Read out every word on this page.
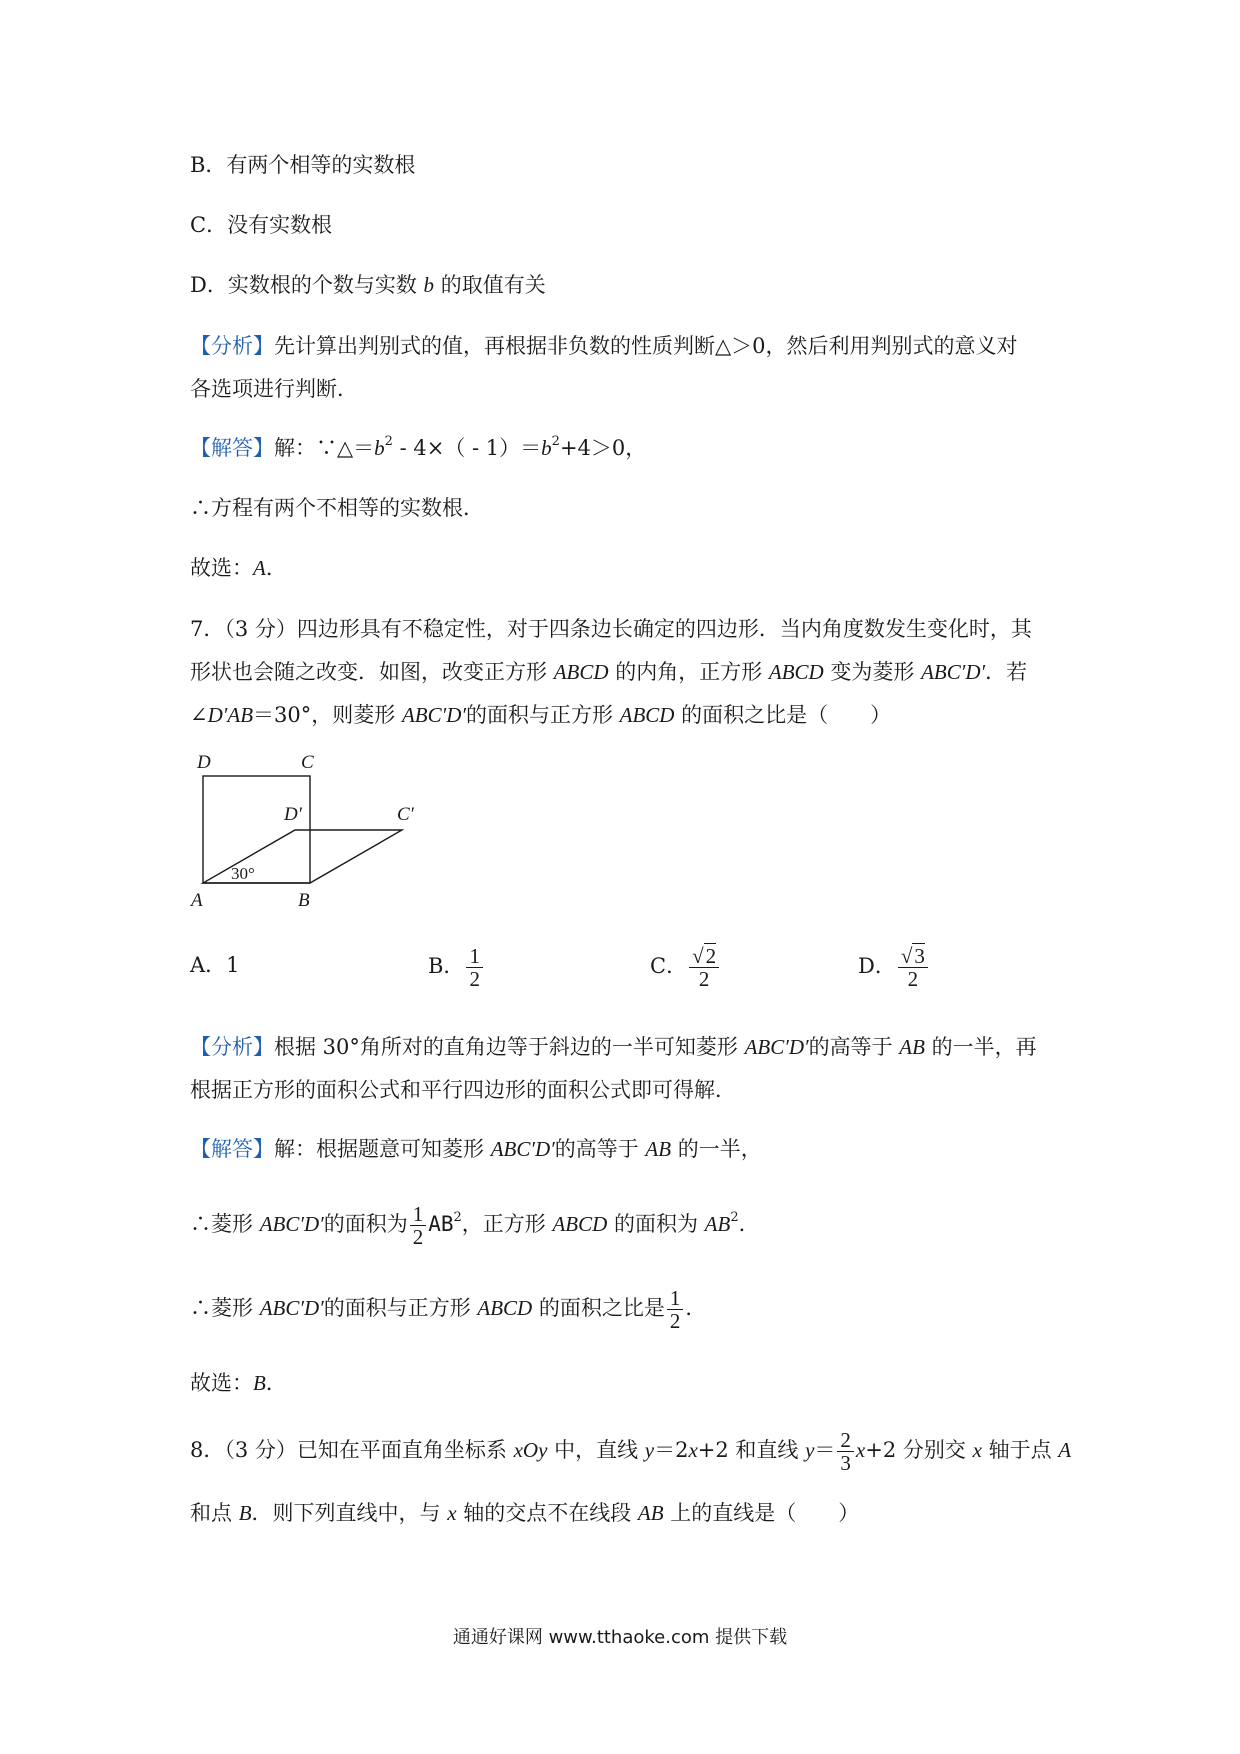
B．有两个相等的实数根
C．没有实数根
D．实数根的个数与实数 b 的取值有关
【分析】先计算出判别式的值，再根据非负数的性质判断△＞0，然后利用判别式的意义对
各选项进行判断．
【解答】解：$\because\triangle=b^2 - 4\times( - 1)=b^2+4>0$，
∴方程有两个不相等的实数根．
故选：A．
7．（3 分）四边形具有不稳定性，对于四条边长确定的四边形．当内角度数发生变化时，其
形状也会随之改变．如图，改变正方形 ABCD 的内角，正方形 ABCD 变为菱形 ABC′D′．若
∠D′AB＝30°，则菱形 ABC′D′的面积与正方形 ABCD 的面积之比是（　　）
D	C
D′	C′
A	B
30°
A．1	B． $\frac{1}{2}$	C． $\frac{√2}{2}$	D． $\frac{√3}{2}$
【分析】根据 30°角所对的直角边等于斜边的一半可知菱形 ABC′D′的高等于 AB 的一半，再
根据正方形的面积公式和平行四边形的面积公式即可得解．
【解答】解：根据题意可知菱形 ABC′D′的高等于 AB 的一半，
∴菱形 ABC′D′的面积为 $\frac{1}{2} AB^2$，正方形 ABCD 的面积为 $AB^2$．
∴菱形 ABC′D′的面积与正方形 ABCD 的面积之比是 $\frac{1}{2}$ ．
故选：B．
8．（3 分）已知在平面直角坐标系 xOy 中，直线 y＝2x+2 和直线 $y= \frac{2}{3} x+2$ 分别交 x 轴于点 A
和点 B．则下列直线中，与 x 轴的交点不在线段 AB 上的直线是（　　）
通通好课网 www.tthaoke.com 提供下载
